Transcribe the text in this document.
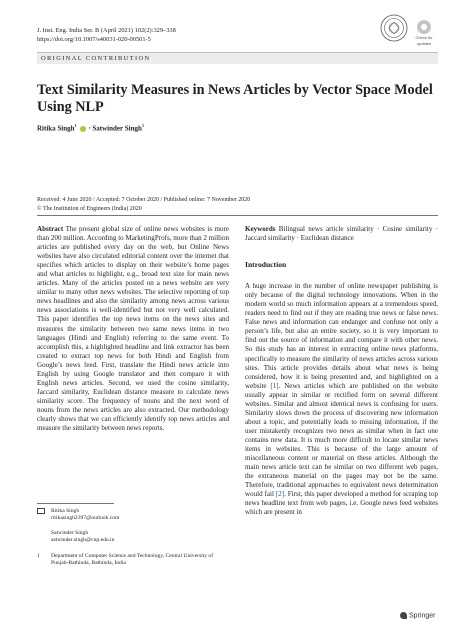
J. Inst. Eng. India Ser. B (April 2021) 102(2):329–338
https://doi.org/10.1007/s40031-020-00501-5	Check for
updates
ORIGINAL CONTRIBUTION
Text Similarity Measures in News Articles by Vector Space Model Using NLP
Ritika Singh$^1$ · Satwinder Singh$^1$
Received: 4 June 2020 / Accepted: 7 October 2020 / Published online: 7 November 2020
© The Institution of Engineers (India) 2020
Abstract The present global size of online news websites is more than 200 million. According to MarketingProfs, more than 2 million articles are published every day on the web, but Online News websites have also circulated editorial content over the internet that specifies which articles to display on their website’s home pages and what articles to highlight, e.g., broad text size for main news articles. Many of the articles posted on a news website are very similar to many other news websites. The selective reporting of top news headlines and also the similarity among news across various news associations is well-identified but not very well calculated. This paper identifies the top news items on the news sites and measures the similarity between two same news items in two languages (Hindi and English) referring to the same event. To accomplish this, a highlighted headline and link extractor has been created to extract top news for both Hindi and English from Google’s news feed. First, translate the Hindi news article into English by using Google translator and then compare it with English news articles. Second, we used the cosine similarity, Jaccard similarity, Euclidean distance measure to calculate news similarity score. The frequency of nouns and the next word of nouns from the news articles are also extracted. Our methodology clearly shows that we can efficiently identify top news articles and measure the similarity between news reports.
Ritika Singh
ritikasingh2397@outlook.com
Satwinder Singh
satwinder.singh@cup.edu.in
1 Department of Computer Science and Technology, Central University of Punjab-Bathinda, Bathinda, India
Keywords Bilingual news article similarity · Cosine similarity · Jaccard similarity · Euclidean distance
Introduction
A huge increase in the number of online newspaper publishing is only because of the digital technology innovations. When in the modern world so much information appears at a tremendous speed, readers need to find out if they are reading true news or false news. False news and information can endanger and confuse not only a person’s life, but also an entire society, so it is very important to find out the source of information and compare it with other news. So this study has an interest in extracting online news platforms, specifically to measure the similarity of news articles across various sites. This article provides details about what news is being considered, how it is being presented and, and highlighted on a website [1]. News articles which are published on the website usually appear in similar or rectified form on several different websites. Similar and almost identical news is confusing for users. Similarity slows down the process of discovering new information about a topic, and potentially leads to missing information, if the user mistakenly recognizes two news as similar when in fact one contains new data. It is much more difficult to locate similar news items in websites. This is because of the large amount of miscellaneous content or material on these articles. Although the main news article text can be similar on two different web pages, the extraneous material on the pages may not be the same. Therefore, traditional approaches to equivalent news determination would fail [2]. First, this paper developed a method for scraping top news headline text from web pages, i.e. Google news feed websites which are present in
Springer
